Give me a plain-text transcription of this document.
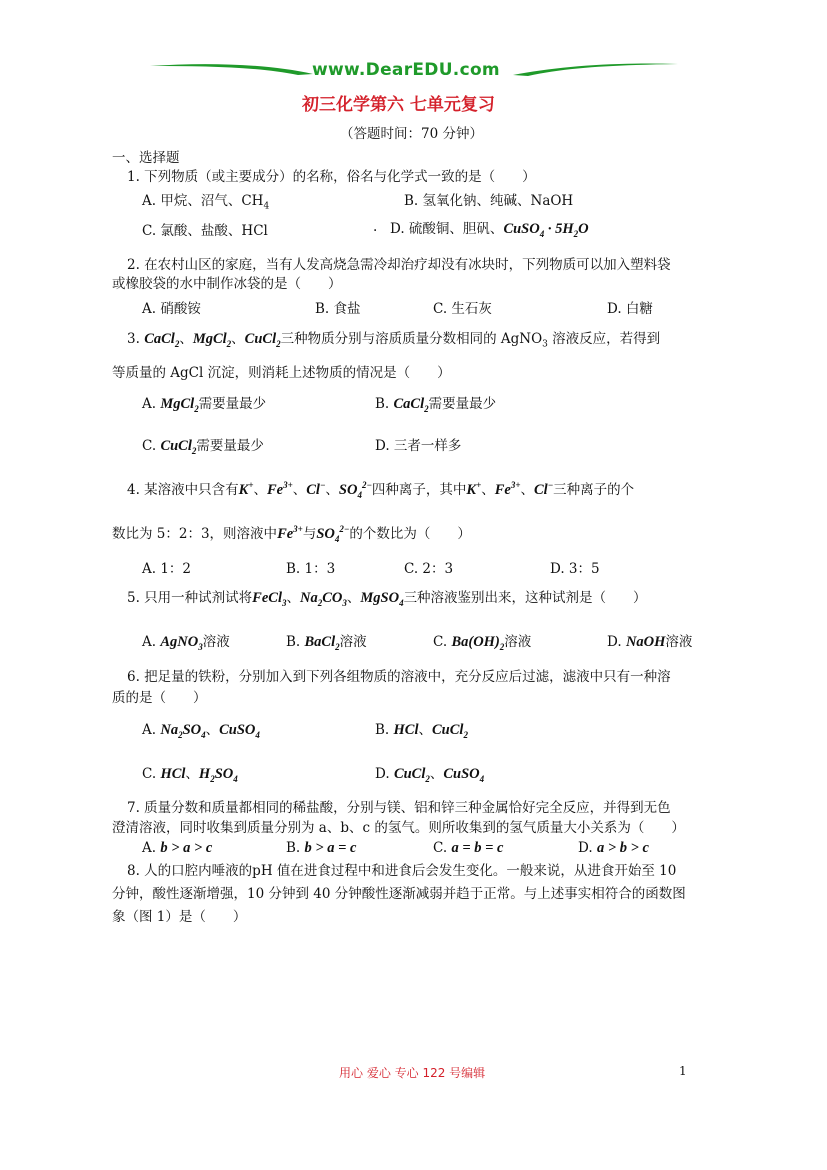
www.DearEDU.com
初三化学第六 七单元复习
（答题时间：70 分钟）
一、选择题
1. 下列物质（或主要成分）的名称，俗名与化学式一致的是（　　）
A. 甲烷、沼气、$CH_4$	B. 氢氧化钠、纯碱、NaOH
C. 氯酸、盐酸、HCl	. D. 硫酸铜、胆矾、CuSO$_4$ · $5H_2O$
2. 在农村山区的家庭，当有人发高烧急需冷却治疗却没有冰块时，下列物质可以加入塑料袋
或橡胶袋的水中制作冰袋的是（　　）
A. 硝酸铵	B. 食盐	C. 生石灰	D. 白糖
3. CaCl$_2$、MgCl$_2$、CuCl$_2$三种物质分别与溶质质量分数相同的 AgNO$_3$ 溶液反应，若得到
等质量的 AgCl 沉淀，则消耗上述物质的情况是（　　）
A. MgCl$_2$需要量最少	B. CaCl$_2$需要量最少
C. CuCl$_2$需要量最少	D. 三者一样多
4. 某溶液中只含有K+、$Fe^{3+}$、Cl−、$SO_4^{2-}$四种离子，其中K+、$Fe^{3+}$、Cl−三种离子的个
数比为 5：2：3，则溶液中$Fe^{3+}$与$SO_4^{2-}$的个数比为（　　）
A. 1：2	B. 1：3	C. 2：3	D. 3：5
5. 只用一种试剂试将FeCl$_3$、$Na_2CO_3$、MgSO$_4$三种溶液鉴别出来，这种试剂是（　　）
A. AgNO$_3$溶液	B. BaCl$_2$溶液	C. $Ba(OH)_2$溶液	D. NaOH溶液
6. 把足量的铁粉，分别加入到下列各组物质的溶液中，充分反应后过滤，滤液中只有一种溶
质的是（　　）
A. $Na_2SO_4$、CuSO$_4$	B. HCl、CuCl$_2$
C. HCl、$H_2SO_4$	D. CuCl$_2$、CuSO$_4$
7. 质量分数和质量都相同的稀盐酸，分别与镁、铝和锌三种金属恰好完全反应，并得到无色
澄清溶液，同时收集到质量分别为 a、b、c 的氢气。则所收集到的氢气质量大小关系为（　　）
A. b > a > c	B. b > a = c	C. a = b = c	D. a > b > c
8. 人的口腔内唾液的pH 值在进食过程中和进食后会发生变化。一般来说，从进食开始至 10
分钟，酸性逐渐增强，10 分钟到 40 分钟酸性逐渐减弱并趋于正常。与上述事实相符合的函数图
象（图 1）是（　　）
用心 爱心 专心 122 号编辑	1
